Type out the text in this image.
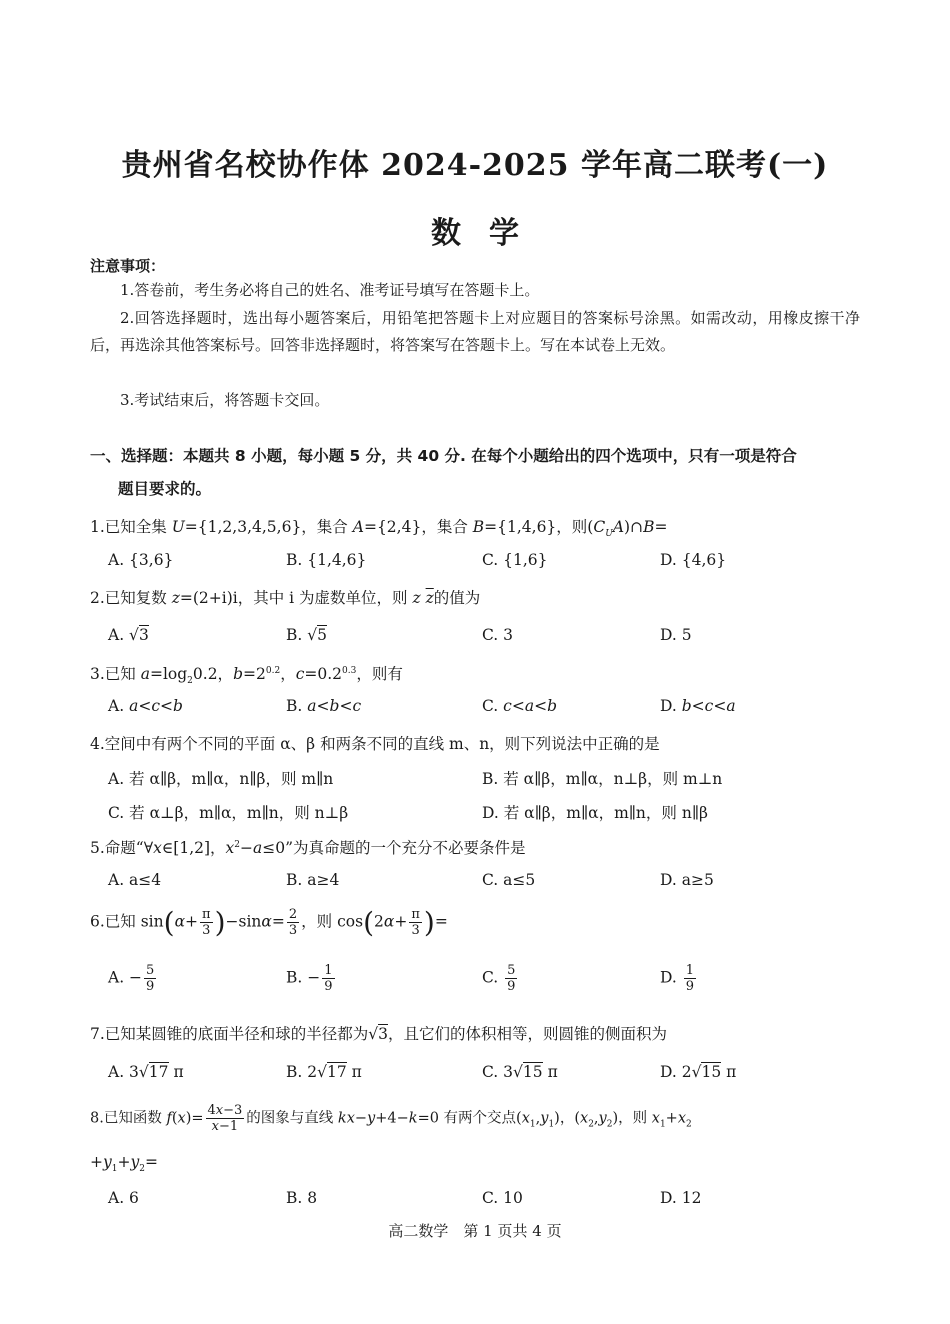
贵州省名校协作体 2024-2025 学年高二联考(一)
数学
注意事项：
1.答卷前，考生务必将自己的姓名、准考证号填写在答题卡上。
2.回答选择题时，选出每小题答案后，用铅笔把答题卡上对应题目的答案标号涂黑。如需改动，用橡皮擦干净后，再选涂其他答案标号。回答非选择题时，将答案写在答题卡上。写在本试卷上无效。
3.考试结束后，将答题卡交回。
一、选择题：本题共 8 小题，每小题 5 分，共 40 分. 在每个小题给出的四个选项中，只有一项是符合
题目要求的。
1.已知全集 U={1,2,3,4,5,6}，集合 A={2,4}，集合 B={1,4,6}，则$(C_UA)\cap B=$
A. {3,6}	B. {1,4,6}	C. {1,6}	D. {4,6}
2.已知复数 z=(2+i)i，其中 i 为虚数单位，则 z $\overline{z}$的值为
A. √3	B. √5	C. 3	D. 5
3.已知 $a=\log_20.2$，$b=2^{0.2}$，$c=0.2^{0.3}$，则有
A. a<c<b	B. a<b<c	C. c<a<b	D. b<c<a
4.空间中有两个不同的平面 α、β 和两条不同的直线 m、n，则下列说法中正确的是
A. 若 α∥β，m∥α，n∥β，则 m∥n	B. 若 α∥β，m∥α，n⊥β，则 m⊥n
C. 若 α⊥β，m∥α，m∥n，则 n⊥β	D. 若 α∥β，m∥α，m∥n，则 n∥β
5.命题“∀x∈[1,2]，$x^2-a\le 0$”为真命题的一个充分不必要条件是
A. a≤4	B. a≥4	C. a≤5	D. a≥5
6.已知 $\sin(\alpha+ \frac{\pi}{3} )-\sin\alpha= \frac{2}{3}$ ，则 $\cos(2\alpha+ \frac{\pi}{3}$ )=
A. − $\frac{5}{9}$	B. − $\frac{1}{9}$	C. $\frac{5}{9}$	D. $\frac{1}{9}$
7.已知某圆锥的底面半径和球的半径都为√3，且它们的体积相等，则圆锥的侧面积为
A. 3√17 π	B. 2√17 π	C. 3√15 π	D. 2√15 π
8.已知函数 $f(x)= \frac{4x-3}{x-1}$ 的图象与直线 kx−y+4−k=0 有两个交点$(x_1,y_1)$，$(x_2,y_2)$，则 $x_1+x_2$
$+y_1+y_2=$
A. 6	B. 8	C. 10	D. 12
高二数学　第 1 页共 4 页
